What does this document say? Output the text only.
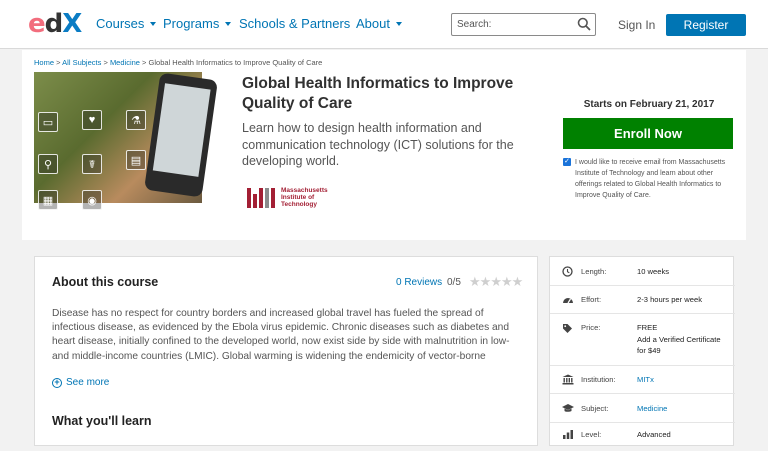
edX Courses Programs Schools & Partners About
Search:	Sign In	Register
Home > All Subjects > Medicine > Global Health Informatics to Improve Quality of Care
▭	♥	⚗
⚲	☤	▤
▦	◉
Global Health Informatics to Improve Quality of Care
Learn how to design health information and communication technology (ICT) solutions for the developing world.
Massachusetts Institute of Technology
Starts on February 21, 2017
Enroll Now
✓ I would like to receive email from Massachusetts Institute of Technology and learn about other offerings related to Global Health Informatics to Improve Quality of Care.
About this course	0 Reviews 0/5 ★★★★★
Disease has no respect for country borders and increased global travel has fueled the spread of infectious disease, as evidenced by the Ebola virus epidemic. Chronic diseases such as diabetes and heart disease, initially confined to the developed world, now exist side by side with malnutrition in low- and middle-income countries (LMIC). Global warming is widening the endemicity of vector-borne
+ See more
What you'll learn
Length:	10 weeks
Effort:	2-3 hours per week
Price:	FREE
Add a Verified Certificate for $49
Institution:	MITx
Subject:	Medicine
Level:	Advanced
